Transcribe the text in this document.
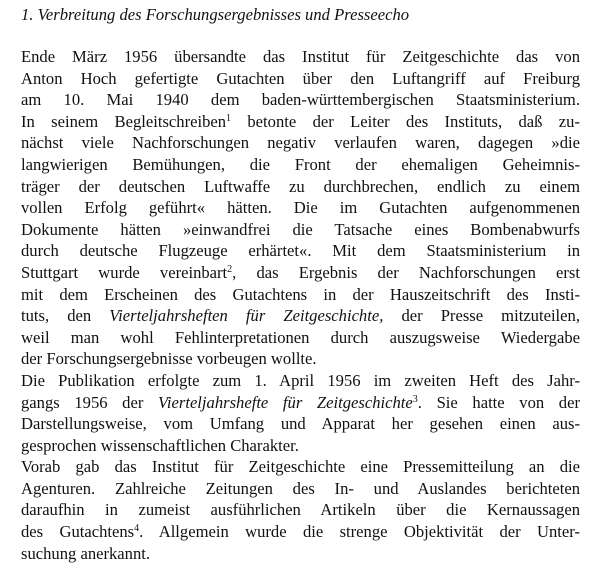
1. Verbreitung des Forschungsergebnisses und Presseecho
Ende März 1956 übersandte das Institut für Zeitgeschichte das von
Anton Hoch gefertigte Gutachten über den Luftangriff auf Freiburg
am 10. Mai 1940 dem baden-württembergischen Staatsministerium.
In seinem Begleitschreiben$^1$ betonte der Leiter des Instituts, daß zu-
nächst viele Nachforschungen negativ verlaufen waren, dagegen »die
langwierigen Bemühungen, die Front der ehemaligen Geheimnis-
träger der deutschen Luftwaffe zu durchbrechen, endlich zu einem
vollen Erfolg geführt« hätten. Die im Gutachten aufgenommenen
Dokumente hätten »einwandfrei die Tatsache eines Bombenabwurfs
durch deutsche Flugzeuge erhärtet«. Mit dem Staatsministerium in
Stuttgart wurde vereinbart$^2$, das Ergebnis der Nachforschungen erst
mit dem Erscheinen des Gutachtens in der Hauszeitschrift des Insti-
tuts, den Vierteljahrsheften für Zeitgeschichte, der Presse mitzuteilen,
weil man wohl Fehlinterpretationen durch auszugsweise Wiedergabe
der Forschungsergebnisse vorbeugen wollte.
Die Publikation erfolgte zum 1. April 1956 im zweiten Heft des Jahr-
gangs 1956 der Vierteljahrshefte für Zeitgeschichte$^3$. Sie hatte von der
Darstellungsweise, vom Umfang und Apparat her gesehen einen aus-
gesprochen wissenschaftlichen Charakter.
Vorab gab das Institut für Zeitgeschichte eine Pressemitteilung an die
Agenturen. Zahlreiche Zeitungen des In- und Auslandes berichteten
daraufhin in zumeist ausführlichen Artikeln über die Kernaussagen
des Gutachtens$^4$. Allgemein wurde die strenge Objektivität der Unter-
suchung anerkannt.
